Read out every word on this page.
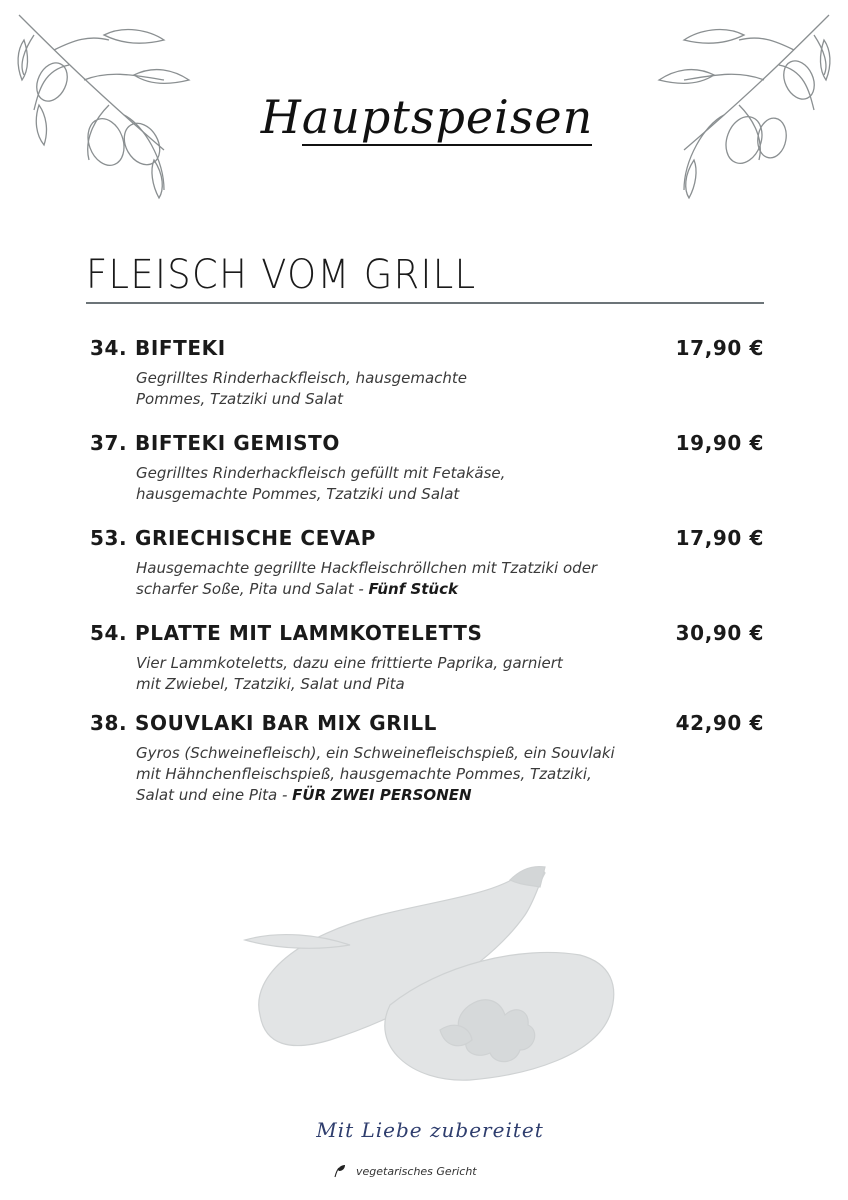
Hauptspeisen
FLEISCH VOM GRILL
34. BIFTEKI	17,90 €
Gegrilltes Rinderhackfleisch, hausgemachte Pommes, Tzatziki und Salat
37. BIFTEKI GEMISTO	19,90 €
Gegrilltes Rinderhackfleisch gefüllt mit Fetakäse, hausgemachte Pommes, Tzatziki und Salat
53. GRIECHISCHE CEVAP	17,90 €
Hausgemachte gegrillte Hackfleischröllchen mit Tzatziki oder scharfer Soße, Pita und Salat - Fünf Stück
54. PLATTE MIT LAMMKOTELETTS	30,90 €
Vier Lammkoteletts, dazu eine frittierte Paprika, garniert mit Zwiebel, Tzatziki, Salat und Pita
38. SOUVLAKI BAR MIX GRILL	42,90 €
Gyros (Schweinefleisch), ein Schweinefleischspieß, ein Souvlaki mit Hähnchenfleischspieß, hausgemachte Pommes, Tzatziki, Salat und eine Pita - FÜR ZWEI PERSONEN
Mit Liebe zubereitet
vegetarisches Gericht
